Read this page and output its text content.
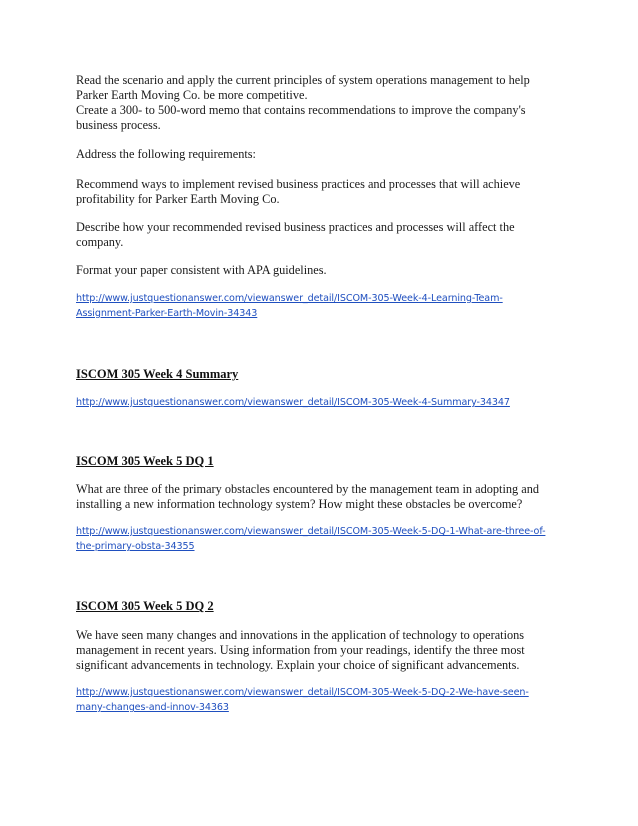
Read the scenario and apply the current principles of system operations management to help
Parker Earth Moving Co. be more competitive.
Create a 300- to 500-word memo that contains recommendations to improve the company's
business process.
Address the following requirements:
Recommend ways to implement revised business practices and processes that will achieve
profitability for Parker Earth Moving Co.
Describe how your recommended revised business practices and processes will affect the
company.
Format your paper consistent with APA guidelines.
http://www.justquestionanswer.com/viewanswer_detail/ISCOM-305-Week-4-Learning-Team-
Assignment-Parker-Earth-Movin-34343
ISCOM 305 Week 4 Summary
http://www.justquestionanswer.com/viewanswer_detail/ISCOM-305-Week-4-Summary-34347
ISCOM 305 Week 5 DQ 1
What are three of the primary obstacles encountered by the management team in adopting and
installing a new information technology system? How might these obstacles be overcome?
http://www.justquestionanswer.com/viewanswer_detail/ISCOM-305-Week-5-DQ-1-What-are-three-of-
the-primary-obsta-34355
ISCOM 305 Week 5 DQ 2
We have seen many changes and innovations in the application of technology to operations
management in recent years. Using information from your readings, identify the three most
significant advancements in technology. Explain your choice of significant advancements.
http://www.justquestionanswer.com/viewanswer_detail/ISCOM-305-Week-5-DQ-2-We-have-seen-
many-changes-and-innov-34363
